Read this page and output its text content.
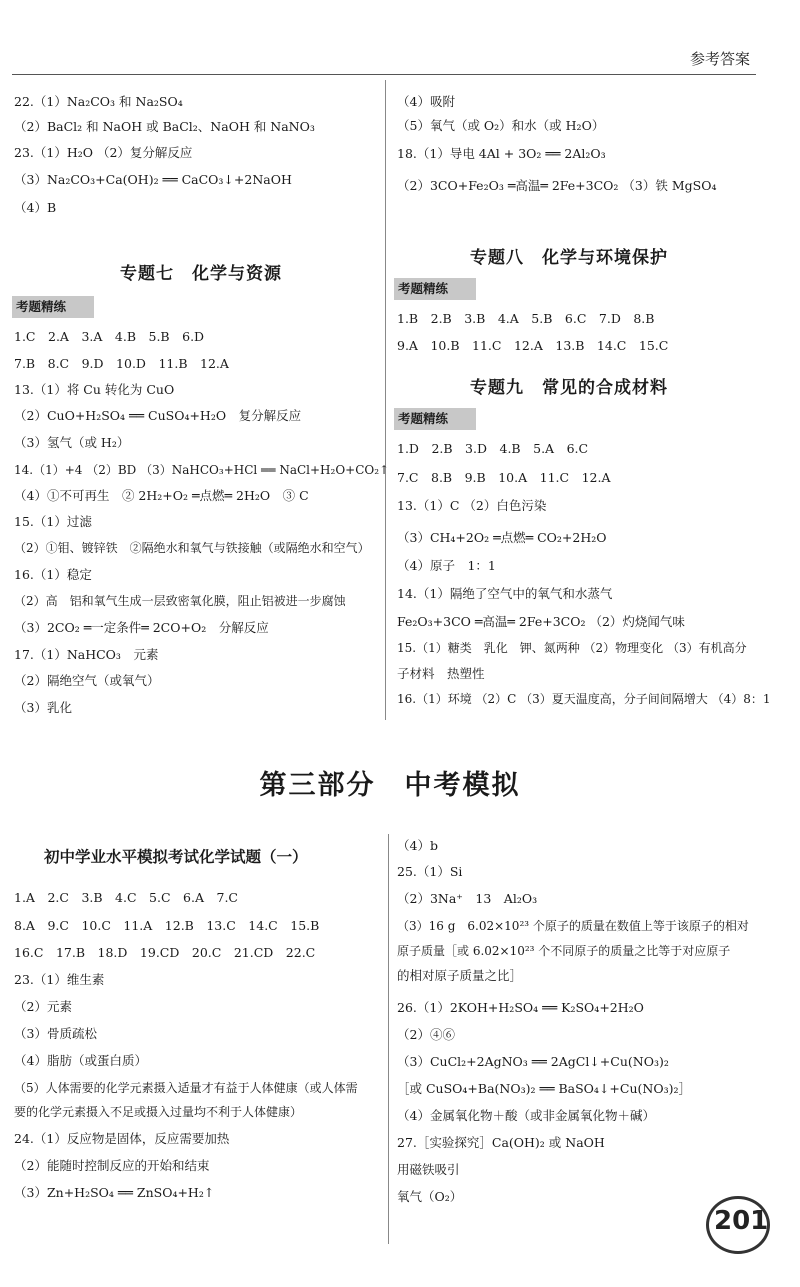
参考答案
22.（1）Na₂CO₃ 和 Na₂SO₄
（2）BaCl₂ 和 NaOH 或 BaCl₂、NaOH 和 NaNO₃
23.（1）H₂O （2）复分解反应
（3）Na₂CO₃+Ca(OH)₂ ══ CaCO₃↓+2NaOH
（4）B
（4）吸附
（5）氧气（或 O₂）和水（或 H₂O）
18.（1）导电 4Al + 3O₂ ══ 2Al₂O₃
（2）3CO+Fe₂O₃ ═高温═ 2Fe+3CO₂ （3）铁 MgSO₄
专题七　化学与资源
考题精练
1.C　2.A　3.A　4.B　5.B　6.D
7.B　8.C　9.D　10.D　11.B　12.A
13.（1）将 Cu 转化为 CuO
（2）CuO+H₂SO₄ ══ CuSO₄+H₂O　复分解反应
（3）氢气（或 H₂）
14.（1）+4 （2）BD （3）NaHCO₃+HCl ══ NaCl+H₂O+CO₂↑
（4）①不可再生　② 2H₂+O₂ ═点燃═ 2H₂O　③ C
15.（1）过滤
（2）①钼、镀锌铁　②隔绝水和氧气与铁接触（或隔绝水和空气）
16.（1）稳定
（2）高　铝和氧气生成一层致密氧化膜，阻止铝被进一步腐蚀
（3）2CO₂ ═一定条件═ 2CO+O₂　分解反应
17.（1）NaHCO₃　元素
（2）隔绝空气（或氧气）
（3）乳化
专题八　化学与环境保护
考题精练
1.B　2.B　3.B　4.A　5.B　6.C　7.D　8.B
9.A　10.B　11.C　12.A　13.B　14.C　15.C
专题九　常见的合成材料
考题精练
1.D　2.B　3.D　4.B　5.A　6.C
7.C　8.B　9.B　10.A　11.C　12.A
13.（1）C （2）白色污染
（3）CH₄+2O₂ ═点燃═ CO₂+2H₂O
（4）原子　1：1
14.（1）隔绝了空气中的氧气和水蒸气
Fe₂O₃+3CO ═高温═ 2Fe+3CO₂ （2）灼烧闻气味
15.（1）糖类　乳化　钾、氮两种 （2）物理变化 （3）有机高分
子材料　热塑性
16.（1）环境 （2）C （3）夏天温度高，分子间间隔增大 （4）8：1
第三部分　中考模拟
初中学业水平模拟考试化学试题（一）
1.A　2.C　3.B　4.C　5.C　6.A　7.C
8.A　9.C　10.C　11.A　12.B　13.C　14.C　15.B
16.C　17.B　18.D　19.CD　20.C　21.CD　22.C
23.（1）维生素
（2）元素
（3）骨质疏松
（4）脂肪（或蛋白质）
（5）人体需要的化学元素摄入适量才有益于人体健康（或人体需
要的化学元素摄入不足或摄入过量均不利于人体健康）
24.（1）反应物是固体，反应需要加热
（2）能随时控制反应的开始和结束
（3）Zn+H₂SO₄ ══ ZnSO₄+H₂↑
（4）b
25.（1）Si
（2）3Na⁺　13　Al₂O₃
（3）16 g　6.02×10²³ 个原子的质量在数值上等于该原子的相对
原子质量［或 6.02×10²³ 个不同原子的质量之比等于对应原子
的相对原子质量之比］
26.（1）2KOH+H₂SO₄ ══ K₂SO₄+2H₂O
（2）④⑥
（3）CuCl₂+2AgNO₃ ══ 2AgCl↓+Cu(NO₃)₂
［或 CuSO₄+Ba(NO₃)₂ ══ BaSO₄↓+Cu(NO₃)₂］
（4）金属氧化物＋酸（或非金属氧化物＋碱）
27.［实验探究］Ca(OH)₂ 或 NaOH
用磁铁吸引
氧气（O₂）
201
